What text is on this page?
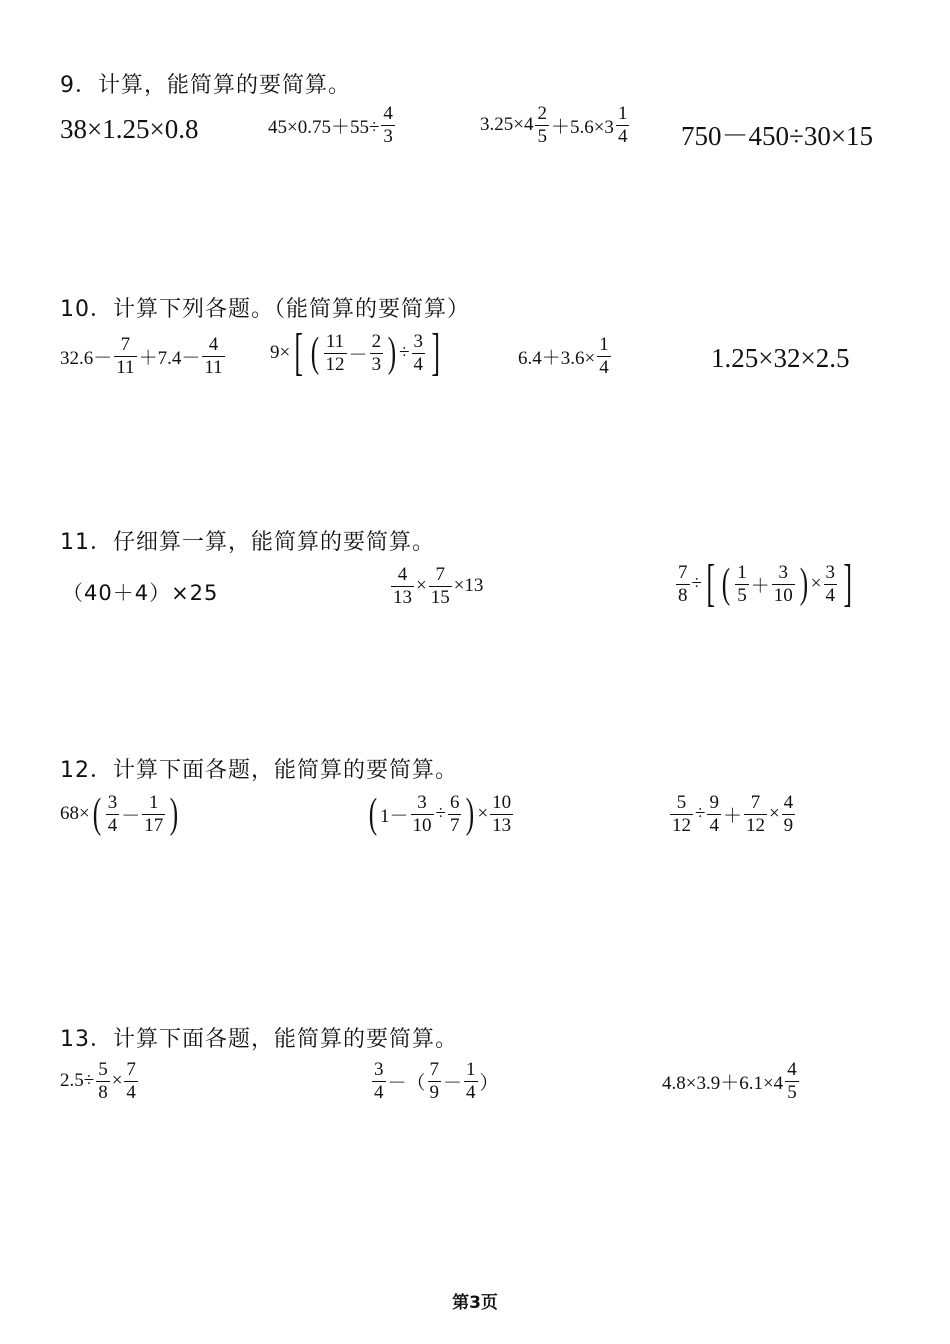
9．计算，能简算的要简算。
38×1.25×0.8	$45\times 0.75+55\div \frac{4}{3}$	$3.25\times 4 \frac{2}{5} +5.6\times 3 \frac{1}{4} 750-450\div 30\times 15$
10．计算下列各题。（能简算的要简算）
$32.6- \frac{7}{11} +7.4- \frac{4}{11} 9\times$ [ ( $\frac{11}{12} - \frac{2}{3}$ ) ÷ $\frac{3}{4}$ ]	$6.4+3.6\times \frac{1}{4}$	1.25×32×2.5
11．仔细算一算，能简算的要简算。
（40＋4）×25	$\frac{4}{13} \times \frac{7}{15} \times 13$	$\frac{7}{8}$ ÷ [ ( $\frac{1}{5} + \frac{3}{10}$ ) × $\frac{3}{4}$ ]
12．计算下面各题，能简算的要简算。
68× ( $\frac{3}{4} - \frac{1}{17}$ )	( $1- \frac{3}{10} \div \frac{6}{7}$ ) × $\frac{10}{13}$	$\frac{5}{12} \div \frac{9}{4} + \frac{7}{12} \times \frac{4}{9}$
13．计算下面各题，能简算的要简算。
$2.5\div \frac{5}{8} \times \frac{7}{4}$	$\frac{3}{4}$ －（ $\frac{7}{9} - \frac{1}{4}$ ）	$4.8\times 3.9+6.1\times 4 \frac{4}{5}$
第3页
